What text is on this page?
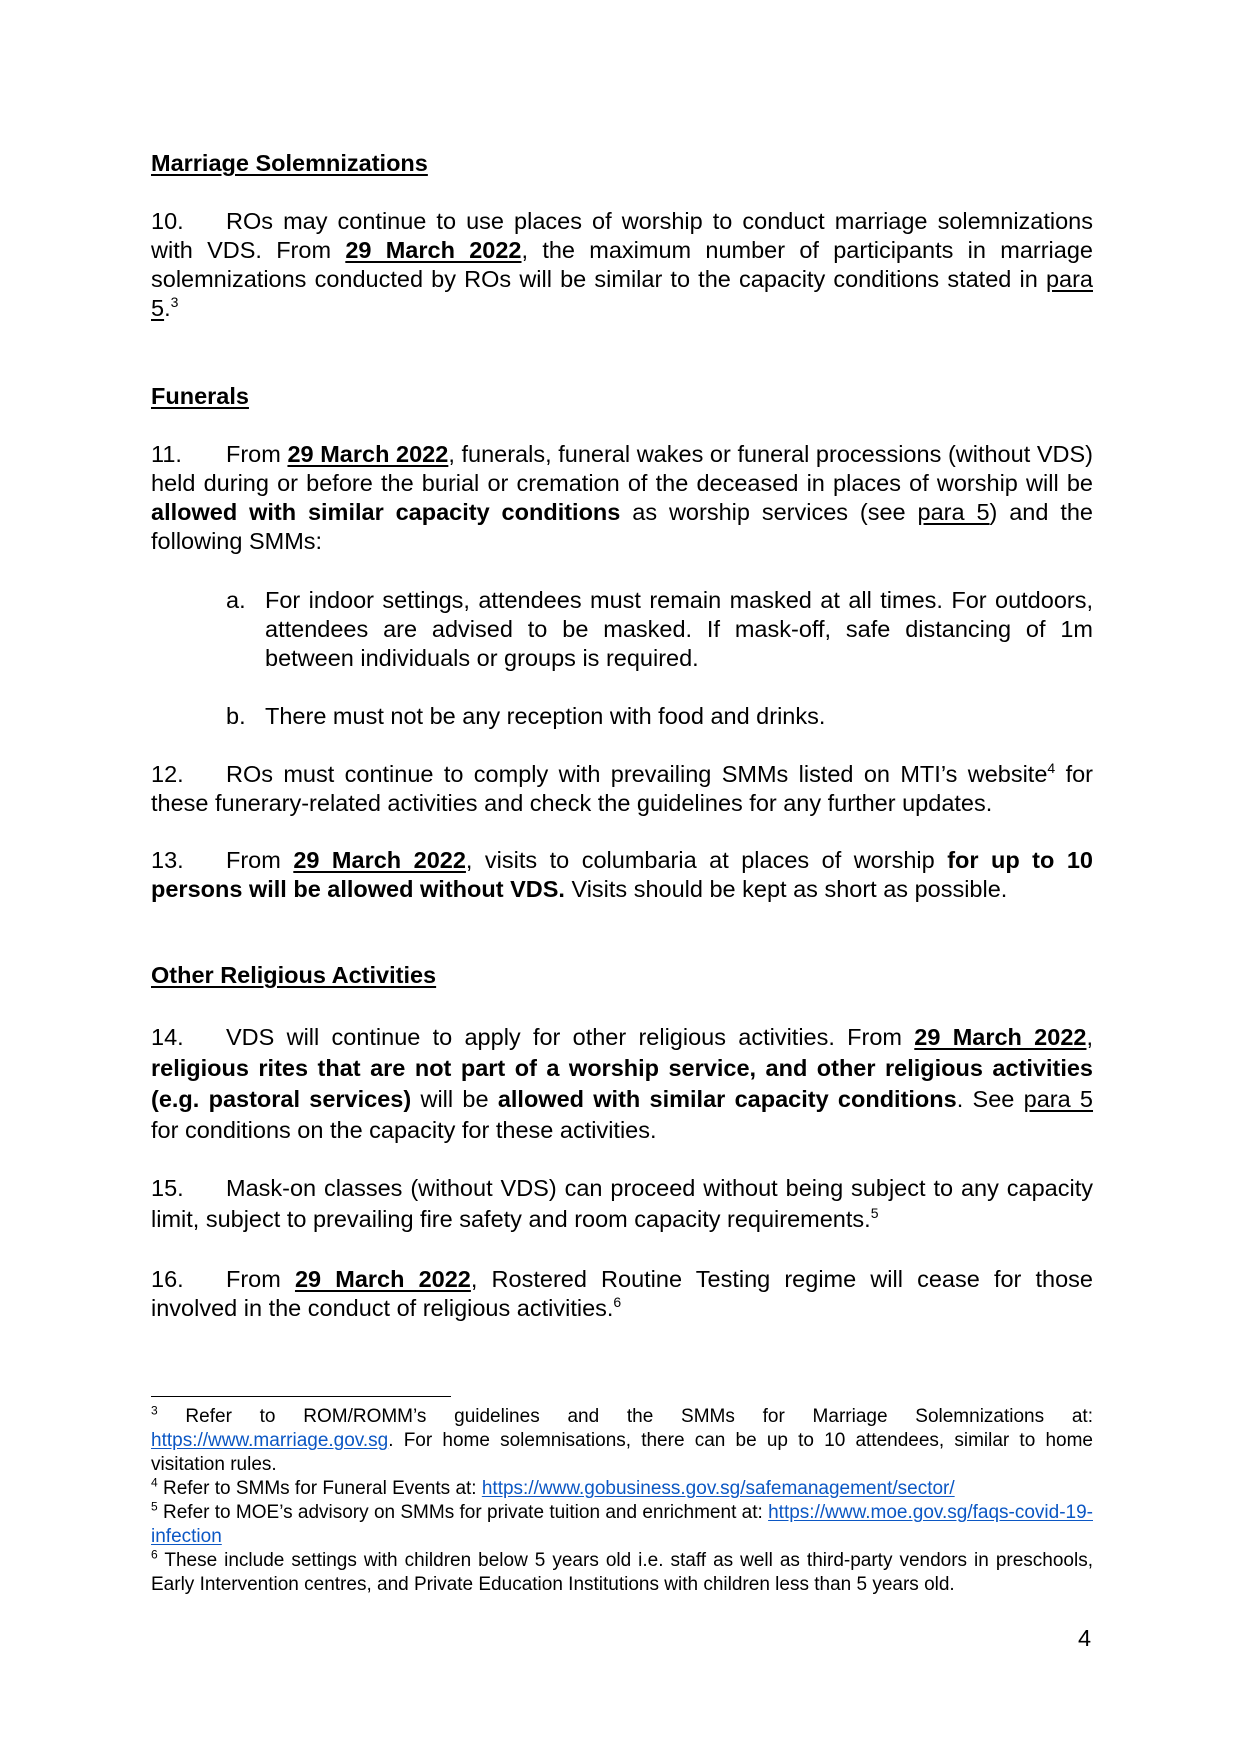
Marriage Solemnizations
10. ROs may continue to use places of worship to conduct marriage solemnizations with VDS. From 29 March 2022, the maximum number of participants in marriage solemnizations conducted by ROs will be similar to the capacity conditions stated in para 5.$^3$
Funerals
11. From 29 March 2022, funerals, funeral wakes or funeral processions (without VDS) held during or before the burial or cremation of the deceased in places of worship will be allowed with similar capacity conditions as worship services (see para 5) and the following SMMs:
a. For indoor settings, attendees must remain masked at all times. For outdoors, attendees are advised to be masked. If mask-off, safe distancing of 1m between individuals or groups is required.
b. There must not be any reception with food and drinks.
12. ROs must continue to comply with prevailing SMMs listed on MTI’s website$^4$ for these funerary-related activities and check the guidelines for any further updates.
13. From 29 March 2022, visits to columbaria at places of worship for up to 10 persons will be allowed without VDS. Visits should be kept as short as possible.
Other Religious Activities
14. VDS will continue to apply for other religious activities. From 29 March 2022, religious rites that are not part of a worship service, and other religious activities (e.g. pastoral services) will be allowed with similar capacity conditions. See para 5 for conditions on the capacity for these activities.
15. Mask-on classes (without VDS) can proceed without being subject to any capacity limit, subject to prevailing fire safety and room capacity requirements.$^5$
16. From 29 March 2022, Rostered Routine Testing regime will cease for those involved in the conduct of religious activities.$^6$
$^3$ Refer to ROM/ROMM’s guidelines and the SMMs for Marriage Solemnizations at: https://www.marriage.gov.sg. For home solemnisations, there can be up to 10 attendees, similar to home visitation rules.
$^4$ Refer to SMMs for Funeral Events at: https://www.gobusiness.gov.sg/safemanagement/sector/
$^5$ Refer to MOE’s advisory on SMMs for private tuition and enrichment at: https://www.moe.gov.sg/faqs-covid-19-infection
$^6$ These include settings with children below 5 years old i.e. staff as well as third-party vendors in preschools, Early Intervention centres, and Private Education Institutions with children less than 5 years old.
4
